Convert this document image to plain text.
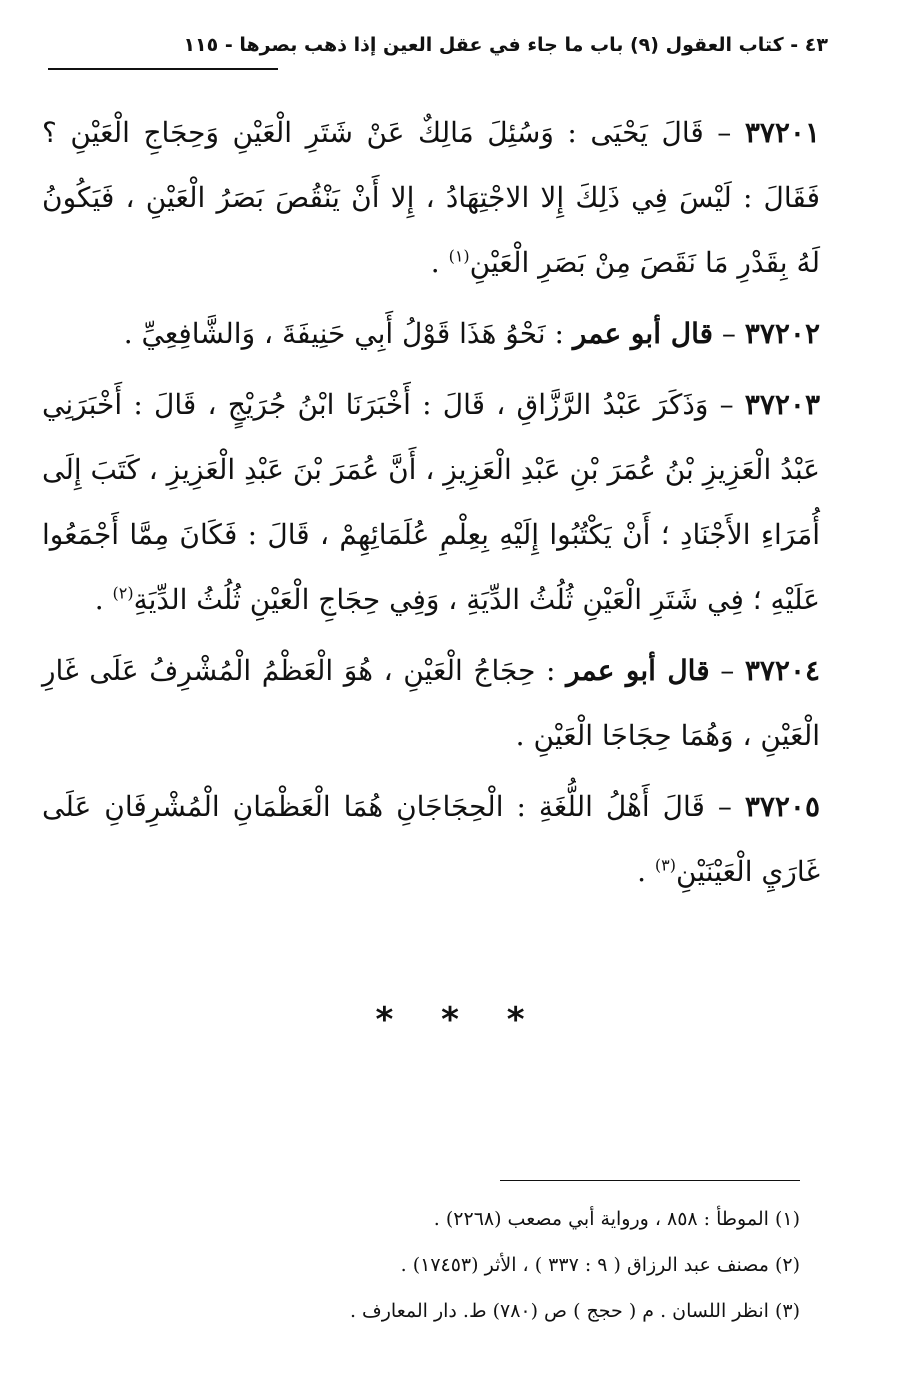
٤٣ - كتاب العقول (٩) باب ما جاء في عقل العين إذا ذهب بصرها - ١١٥

٣٧٢٠١ – قَالَ يَحْيَى : وَسُئِلَ مَالِكٌ عَنْ شَتَرِ الْعَيْنِ وَحِجَاجِ الْعَيْنِ ؟ فَقَالَ : لَيْسَ فِي ذَلِكَ إِلا الاجْتِهَادُ ، إِلا أَنْ يَنْقُصَ بَصَرُ الْعَيْنِ ، فَيَكُونُ لَهُ بِقَدْرِ مَا نَقَصَ مِنْ بَصَرِ الْعَيْنِ$^{(١)}$ .

٣٧٢٠٢ – قال أبو عمر : نَحْوُ هَذَا قَوْلُ أَبِي حَنِيفَةَ ، وَالشَّافِعِيِّ .

٣٧٢٠٣ – وَذَكَرَ عَبْدُ الرَّزَّاقِ ، قَالَ : أَخْبَرَنَا ابْنُ جُرَيْجٍ ، قَالَ : أَخْبَرَنِي عَبْدُ الْعَزِيزِ بْنُ عُمَرَ بْنِ عَبْدِ الْعَزِيزِ ، أَنَّ عُمَرَ بْنَ عَبْدِ الْعَزِيزِ ، كَتَبَ إِلَى أُمَرَاءِ الأَجْنَادِ ؛ أَنْ يَكْتُبُوا إِلَيْهِ بِعِلْمِ عُلَمَائِهِمْ ، قَالَ : فَكَانَ مِمَّا أَجْمَعُوا عَلَيْهِ ؛ فِي شَتَرِ الْعَيْنِ ثُلُثُ الدِّيَةِ ، وَفِي حِجَاجِ الْعَيْنِ ثُلُثُ الدِّيَةِ$^{(٢)}$ .

٣٧٢٠٤ – قال أبو عمر : حِجَاجُ الْعَيْنِ ، هُوَ الْعَظْمُ الْمُشْرِفُ عَلَى غَارِ الْعَيْنِ ، وَهُمَا حِجَاجَا الْعَيْنِ .

٣٧٢٠٥ – قَالَ أَهْلُ اللُّغَةِ : الْحِجَاجَانِ هُمَا الْعَظْمَانِ الْمُشْرِفَانِ عَلَى غَارَيِ الْعَيْنَيْنِ$^{(٣)}$ .

* * *

(١) الموطأ : ٨٥٨ ، ورواية أبي مصعب (٢٢٦٨) .

(٢) مصنف عبد الرزاق ( ٩ : ٣٣٧ ) ، الأثر (١٧٤٥٣) .

(٣) انظر اللسان . م ( حجج ) ص (٧٨٠) ط. دار المعارف .
